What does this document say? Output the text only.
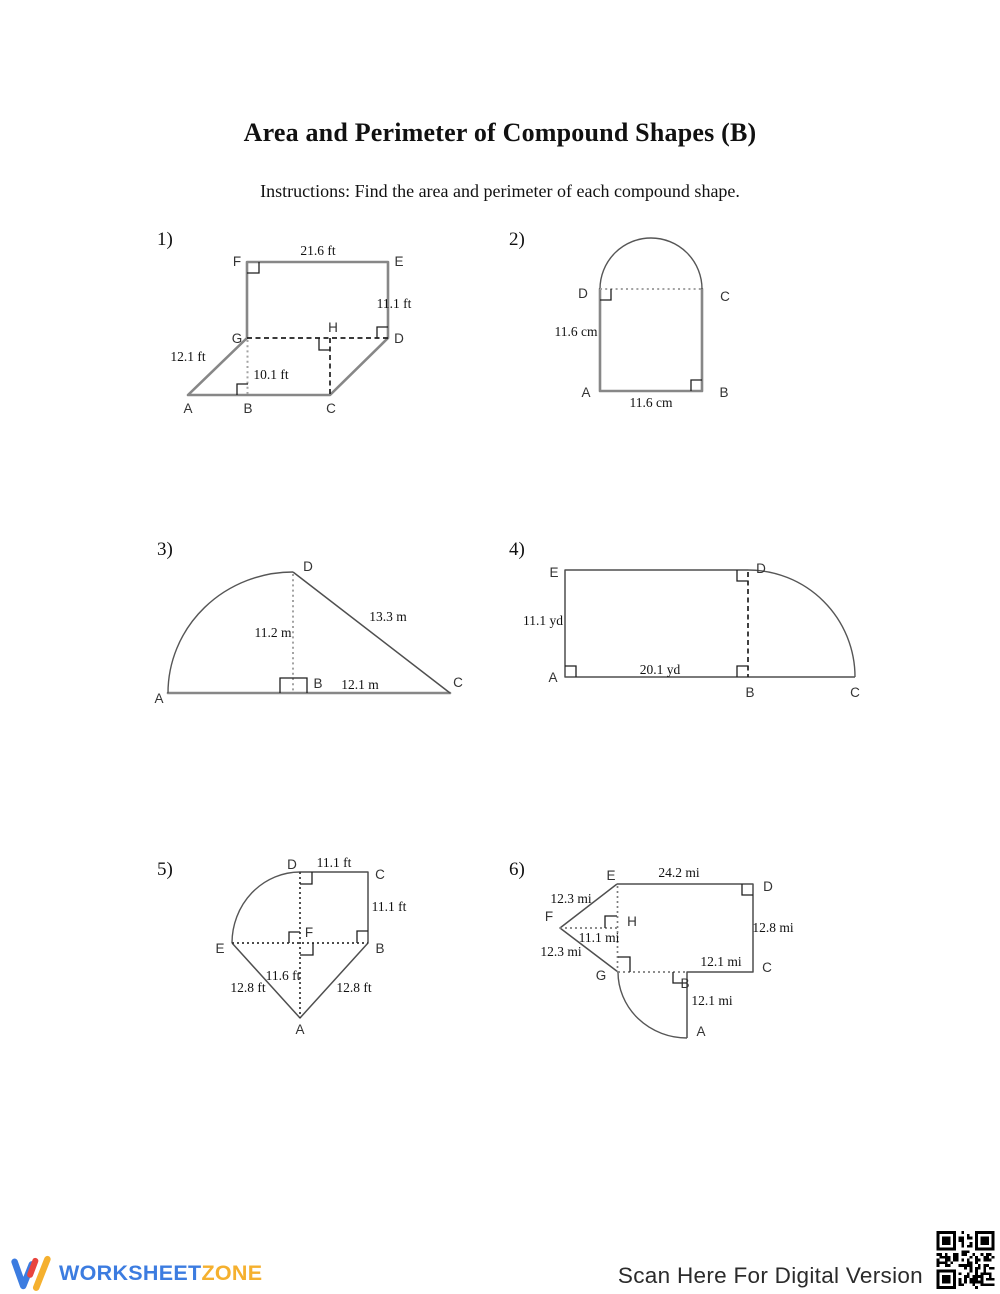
Area and Perimeter of Compound Shapes (B)
Instructions: Find the area and perimeter of each compound shape.
1)
21.6 ft
F	E
11.1 ft
G
H
D
12.1 ft
10.1 ft
A	B	C
2)
D	C
11.6 cm
A	B
11.6 cm
3)
D
11.2 m
13.3 m
12.1 m
B
A
C
4)
E
11.1 yd
A
20.1 yd
B	C
D
5)	D 11.1 ft
C
11.1 ft
F
B
E
11.6 ft
12.8 ft	12.8 ft
A
6)	24.2 mi
E
D
12.3 mi
F
12.3 mi
11.1 mi
H	12.8 mi
12.1 mi C
G
B
12.1 mi
A
WORKSHEET ZONE	Scan Here For Digital Version
